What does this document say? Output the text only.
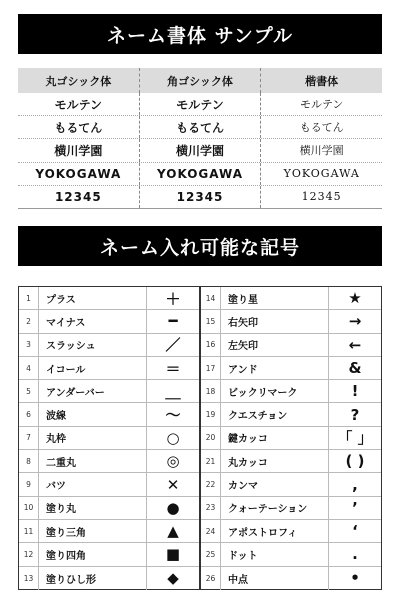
ネーム書体 サンプル
丸ゴシック体	角ゴシック体	楷書体
モルテン	モルテン	モルテン
もるてん	もるてん	もるてん
横川学園	横川学園	横川学園
YOKOGAWA	YOKOGAWA	YOKOGAWA
12345	12345	12345
ネーム入れ可能な記号
1	プラス	＋
2	マイナス	━
3	スラッシュ	／
4	イコール	＝
5	アンダーバー	＿
6	波線	～
7	丸枠	○
8	二重丸	◎
9	バツ	✕
10	塗り丸	●
11	塗り三角	▲
12	塗り四角	■
13	塗りひし形	◆
14	塗り星	★
15	右矢印	→
16	左矢印	←
17	アンド	&
18	ビックリマーク	!
19	クエスチョン	?
20	鍵カッコ	「 」
21	丸カッコ	( )
22	カンマ	,
23	クォーテーション	’
24	アポストロフィ	‘
25	ドット	.
26	中点	•
